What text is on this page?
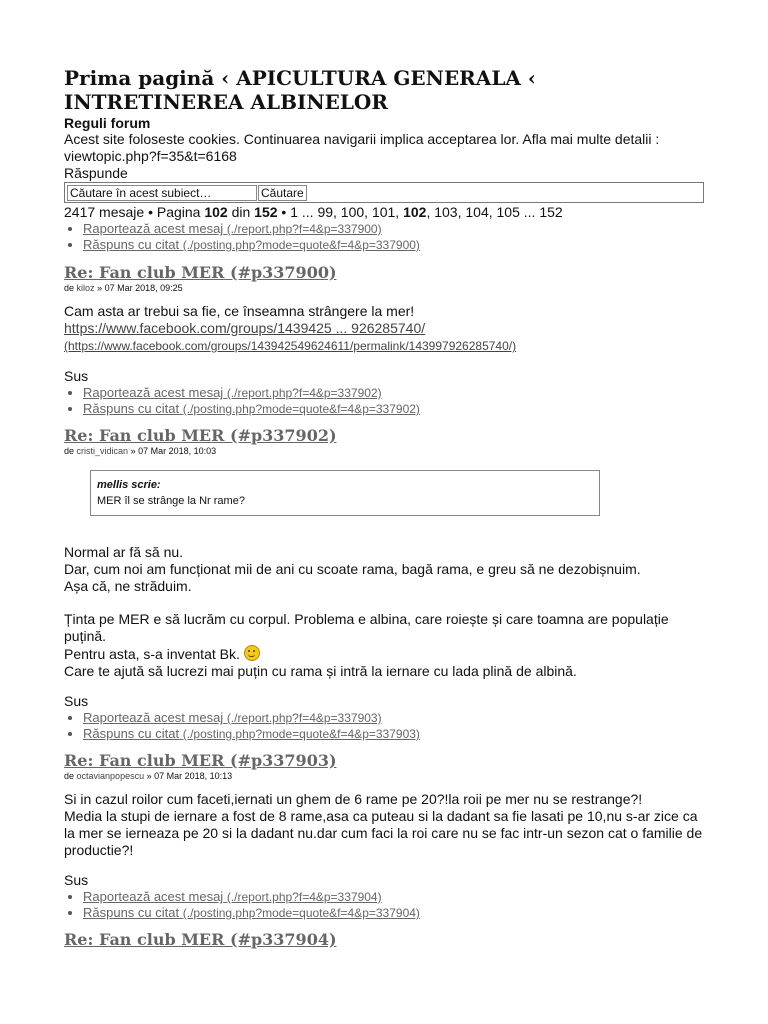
Prima pagină ‹ APICULTURA GENERALA ‹ INTRETINEREA ALBINELOR
Reguli forum
Acest site foloseste cookies. Continuarea navigarii implica acceptarea lor. Afla mai multe detalii : viewtopic.php?f=35&t=6168
Răspunde
Căutare în acest subiect…	Căutare
2417 mesaje • Pagina 102 din 152 • 1 ... 99, 100, 101, 102, 103, 104, 105 ... 152
• Raportează acest mesaj (./report.php?f=4&p=337900)
• Răspuns cu citat (./posting.php?mode=quote&f=4&p=337900)
Re: Fan club MER (#p337900)
de kiloz » 07 Mar 2018, 09:25
Cam asta ar trebui sa fie, ce înseamna strângere la mer!
https://www.facebook.com/groups/1439425 ... 926285740/
(https://www.facebook.com/groups/143942549624611/permalink/143997926285740/)
Sus
• Raportează acest mesaj (./report.php?f=4&p=337902)
• Răspuns cu citat (./posting.php?mode=quote&f=4&p=337902)
Re: Fan club MER (#p337902)
de cristi_vidican » 07 Mar 2018, 10:03
mellis scrie:
MER îl se strânge la Nr rame?
Normal ar fă să nu.
Dar, cum noi am funcționat mii de ani cu scoate rama, bagă rama, e greu să ne dezobișnuim.
Așa că, ne străduim.
Ținta pe MER e să lucrăm cu corpul. Problema e albina, care roiește și care toamna are populație puțină.
Pentru asta, s-a inventat Bk.
Care te ajută să lucrezi mai puțin cu rama și intră la iernare cu lada plină de albină.
Sus
• Raportează acest mesaj (./report.php?f=4&p=337903)
• Răspuns cu citat (./posting.php?mode=quote&f=4&p=337903)
Re: Fan club MER (#p337903)
de octavianpopescu » 07 Mar 2018, 10:13
Si in cazul roilor cum faceti,iernati un ghem de 6 rame pe 20?!la roii pe mer nu se restrange?!
Media la stupi de iernare a fost de 8 rame,asa ca puteau si la dadant sa fie lasati pe 10,nu s-ar zice ca la mer se ierneaza pe 20 si la dadant nu.dar cum faci la roi care nu se fac intr-un sezon cat o familie de productie?!
Sus
• Raportează acest mesaj (./report.php?f=4&p=337904)
• Răspuns cu citat (./posting.php?mode=quote&f=4&p=337904)
Re: Fan club MER (#p337904)
